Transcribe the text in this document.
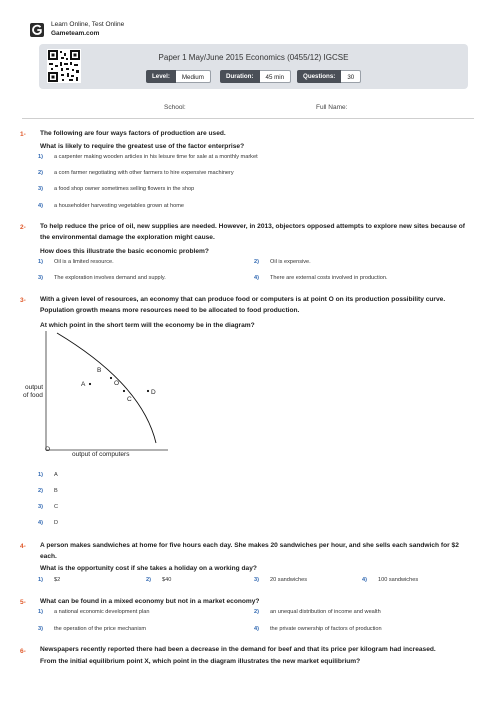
Learn Online, Test Online
Gameteam.com
Paper 1 May/June 2015 Economics (0455/12) IGCSE
Level:	Medium	Duration:	45 min	Questions:	30
School:	Full Name:
1- The following are four ways factors of production are used.
What is likely to require the greatest use of the factor enterprise?
1) a carpenter making wooden articles in his leisure time for sale at a monthly market
2) a corn farmer negotiating with other farmers to hire expensive machinery
3) a food shop owner sometimes selling flowers in the shop
4) a householder harvesting vegetables grown at home
2- To help reduce the price of oil, new supplies are needed. However, in 2013, objectors opposed attempts to explore new sites because of the environmental damage the exploration might cause.
How does this illustrate the basic economic problem?
1) Oil is a limited resource.	2) Oil is expensive.
3) The exploration involves demand and supply.	4) There are external costs involved in production.
3- With a given level of resources, an economy that can produce food or computers is at point O on its production possibility curve. Population growth means more resources need to be allocated to food production.
At which point in the short term will the economy be in the diagram?
output
of food
output of computers
O
A
B
O
C
D
1) A
2) B
3) C
4) D
4- A person makes sandwiches at home for five hours each day. She makes 20 sandwiches per hour, and she sells each sandwich for $2 each.
What is the opportunity cost if she takes a holiday on a working day?
1) $2	2) $40	3) 20 sandwiches	4) 100 sandwiches
5- What can be found in a mixed economy but not in a market economy?
1) a national economic development plan	2) an unequal distribution of income and wealth
3) the operation of the price mechanism	4) the private ownership of factors of production
6- Newspapers recently reported there had been a decrease in the demand for beef and that its price per kilogram had increased.
From the initial equilibrium point X, which point in the diagram illustrates the new market equilibrium?
